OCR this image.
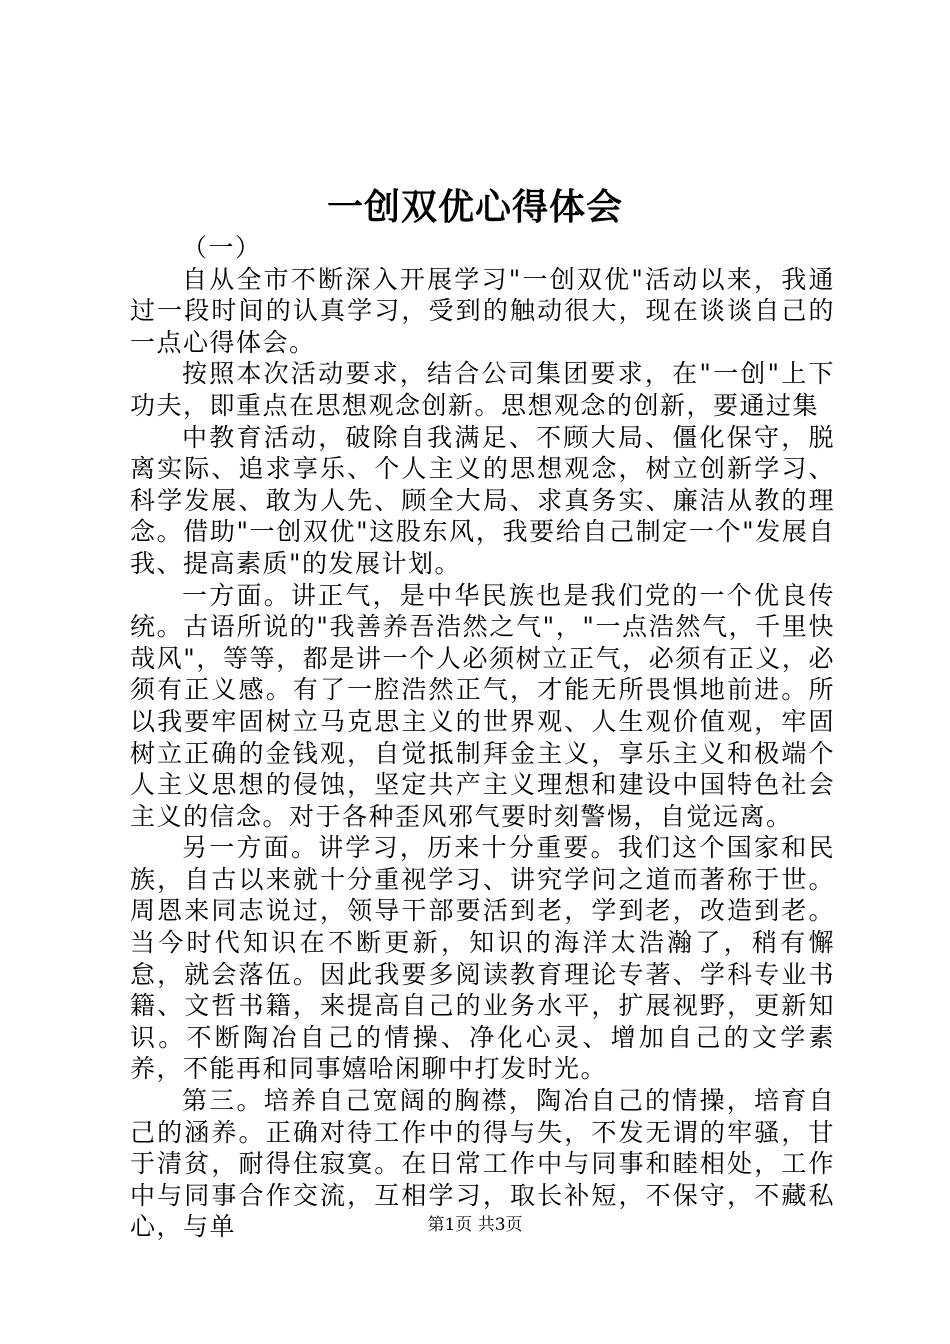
一创双优心得体会

（一）

自从全市不断深入开展学习"一创双优"活动以来，我通过一段时间的认真学习，受到的触动很大，现在谈谈自己的一点心得体会。

按照本次活动要求，结合公司集团要求，在"一创"上下功夫，即重点在思想观念创新。思想观念的创新，要通过集

中教育活动，破除自我满足、不顾大局、僵化保守，脱离实际、追求享乐、个人主义的思想观念，树立创新学习、科学发展、敢为人先、顾全大局、求真务实、廉洁从教的理念。借助"一创双优"这股东风，我要给自己制定一个"发展自我、提高素质"的发展计划。

一方面。讲正气，是中华民族也是我们党的一个优良传统。古语所说的"我善养吾浩然之气"，"一点浩然气，千里快哉风"，等等，都是讲一个人必须树立正气，必须有正义，必须有正义感。有了一腔浩然正气，才能无所畏惧地前进。所以我要牢固树立马克思主义的世界观、人生观价值观，牢固树立正确的金钱观，自觉抵制拜金主义，享乐主义和极端个人主义思想的侵蚀，坚定共产主义理想和建设中国特色社会主义的信念。对于各种歪风邪气要时刻警惕，自觉远离。

另一方面。讲学习，历来十分重要。我们这个国家和民族，自古以来就十分重视学习、讲究学问之道而著称于世。周恩来同志说过，领导干部要活到老，学到老，改造到老。当今时代知识在不断更新，知识的海洋太浩瀚了，稍有懈怠，就会落伍。因此我要多阅读教育理论专著、学科专业书籍、文哲书籍，来提高自己的业务水平，扩展视野，更新知识。不断陶冶自己的情操、净化心灵、增加自己的文学素养，不能再和同事嬉哈闲聊中打发时光。

第三。培养自己宽阔的胸襟，陶冶自己的情操，培育自己的涵养。正确对待工作中的得与失，不发无谓的牢骚，甘于清贫，耐得住寂寞。在日常工作中与同事和睦相处，工作中与同事合作交流，互相学习，取长补短，不保守，不藏私心，与单	第1页 共3页
